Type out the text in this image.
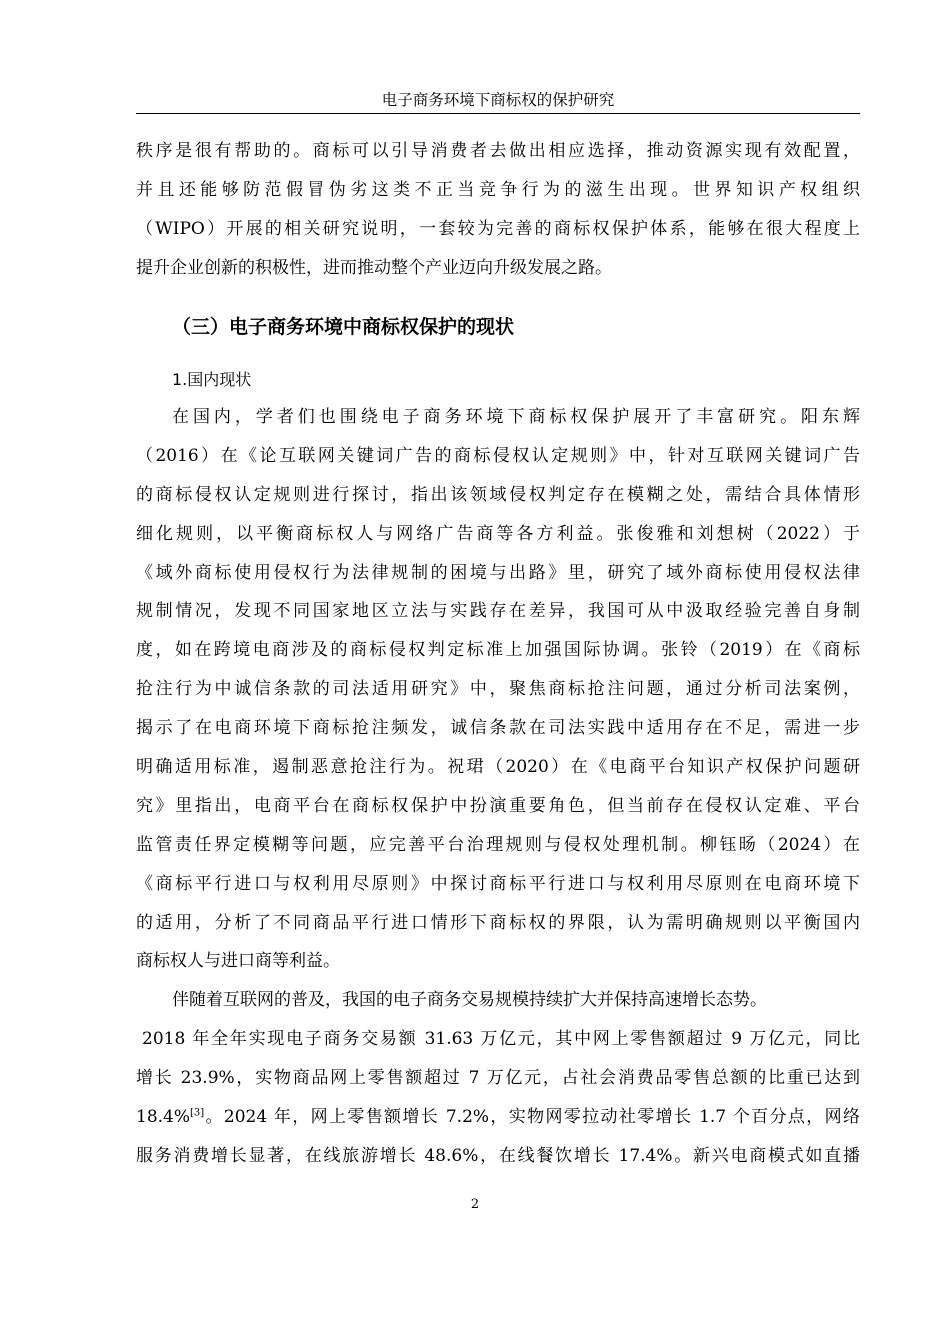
电子商务环境下商标权的保护研究
秩序是很有帮助的。商标可以引导消费者去做出相应选择，推动资源实现有效配置，
并且还能够防范假冒伪劣这类不正当竞争行为的滋生出现。世界知识产权组织
（WIPO）开展的相关研究说明，一套较为完善的商标权保护体系，能够在很大程度上
提升企业创新的积极性，进而推动整个产业迈向升级发展之路。
（三）电子商务环境中商标权保护的现状
1.国内现状
在国内，学者们也围绕电子商务环境下商标权保护展开了丰富研究。阳东辉
（2016）在《论互联网关键词广告的商标侵权认定规则》中，针对互联网关键词广告
的商标侵权认定规则进行探讨，指出该领域侵权判定存在模糊之处，需结合具体情形
细化规则，以平衡商标权人与网络广告商等各方利益。张俊雅和刘想树（2022）于
《域外商标使用侵权行为法律规制的困境与出路》里，研究了域外商标使用侵权法律
规制情况，发现不同国家地区立法与实践存在差异，我国可从中汲取经验完善自身制
度，如在跨境电商涉及的商标侵权判定标准上加强国际协调。张铃（2019）在《商标
抢注行为中诚信条款的司法适用研究》中，聚焦商标抢注问题，通过分析司法案例，
揭示了在电商环境下商标抢注频发，诚信条款在司法实践中适用存在不足，需进一步
明确适用标准，遏制恶意抢注行为。祝珺（2020）在《电商平台知识产权保护问题研
究》里指出，电商平台在商标权保护中扮演重要角色，但当前存在侵权认定难、平台
监管责任界定模糊等问题，应完善平台治理规则与侵权处理机制。柳钰旸（2024）在
《商标平行进口与权利用尽原则》中探讨商标平行进口与权利用尽原则在电商环境下
的适用，分析了不同商品平行进口情形下商标权的界限，认为需明确规则以平衡国内
商标权人与进口商等利益。
伴随着互联网的普及，我国的电子商务交易规模持续扩大并保持高速增长态势。
2018 年全年实现电子商务交易额 31.63 万亿元，其中网上零售额超过 9 万亿元，同比
增长 23.9%，实物商品网上零售额超过 7 万亿元，占社会消费品零售总额的比重已达到
18.4%[3]。2024 年，网上零售额增长 7.2%，实物网零拉动社零增长 1.7 个百分点，网络
服务消费增长显著，在线旅游增长 48.6%，在线餐饮增长 17.4%。新兴电商模式如直播
2
